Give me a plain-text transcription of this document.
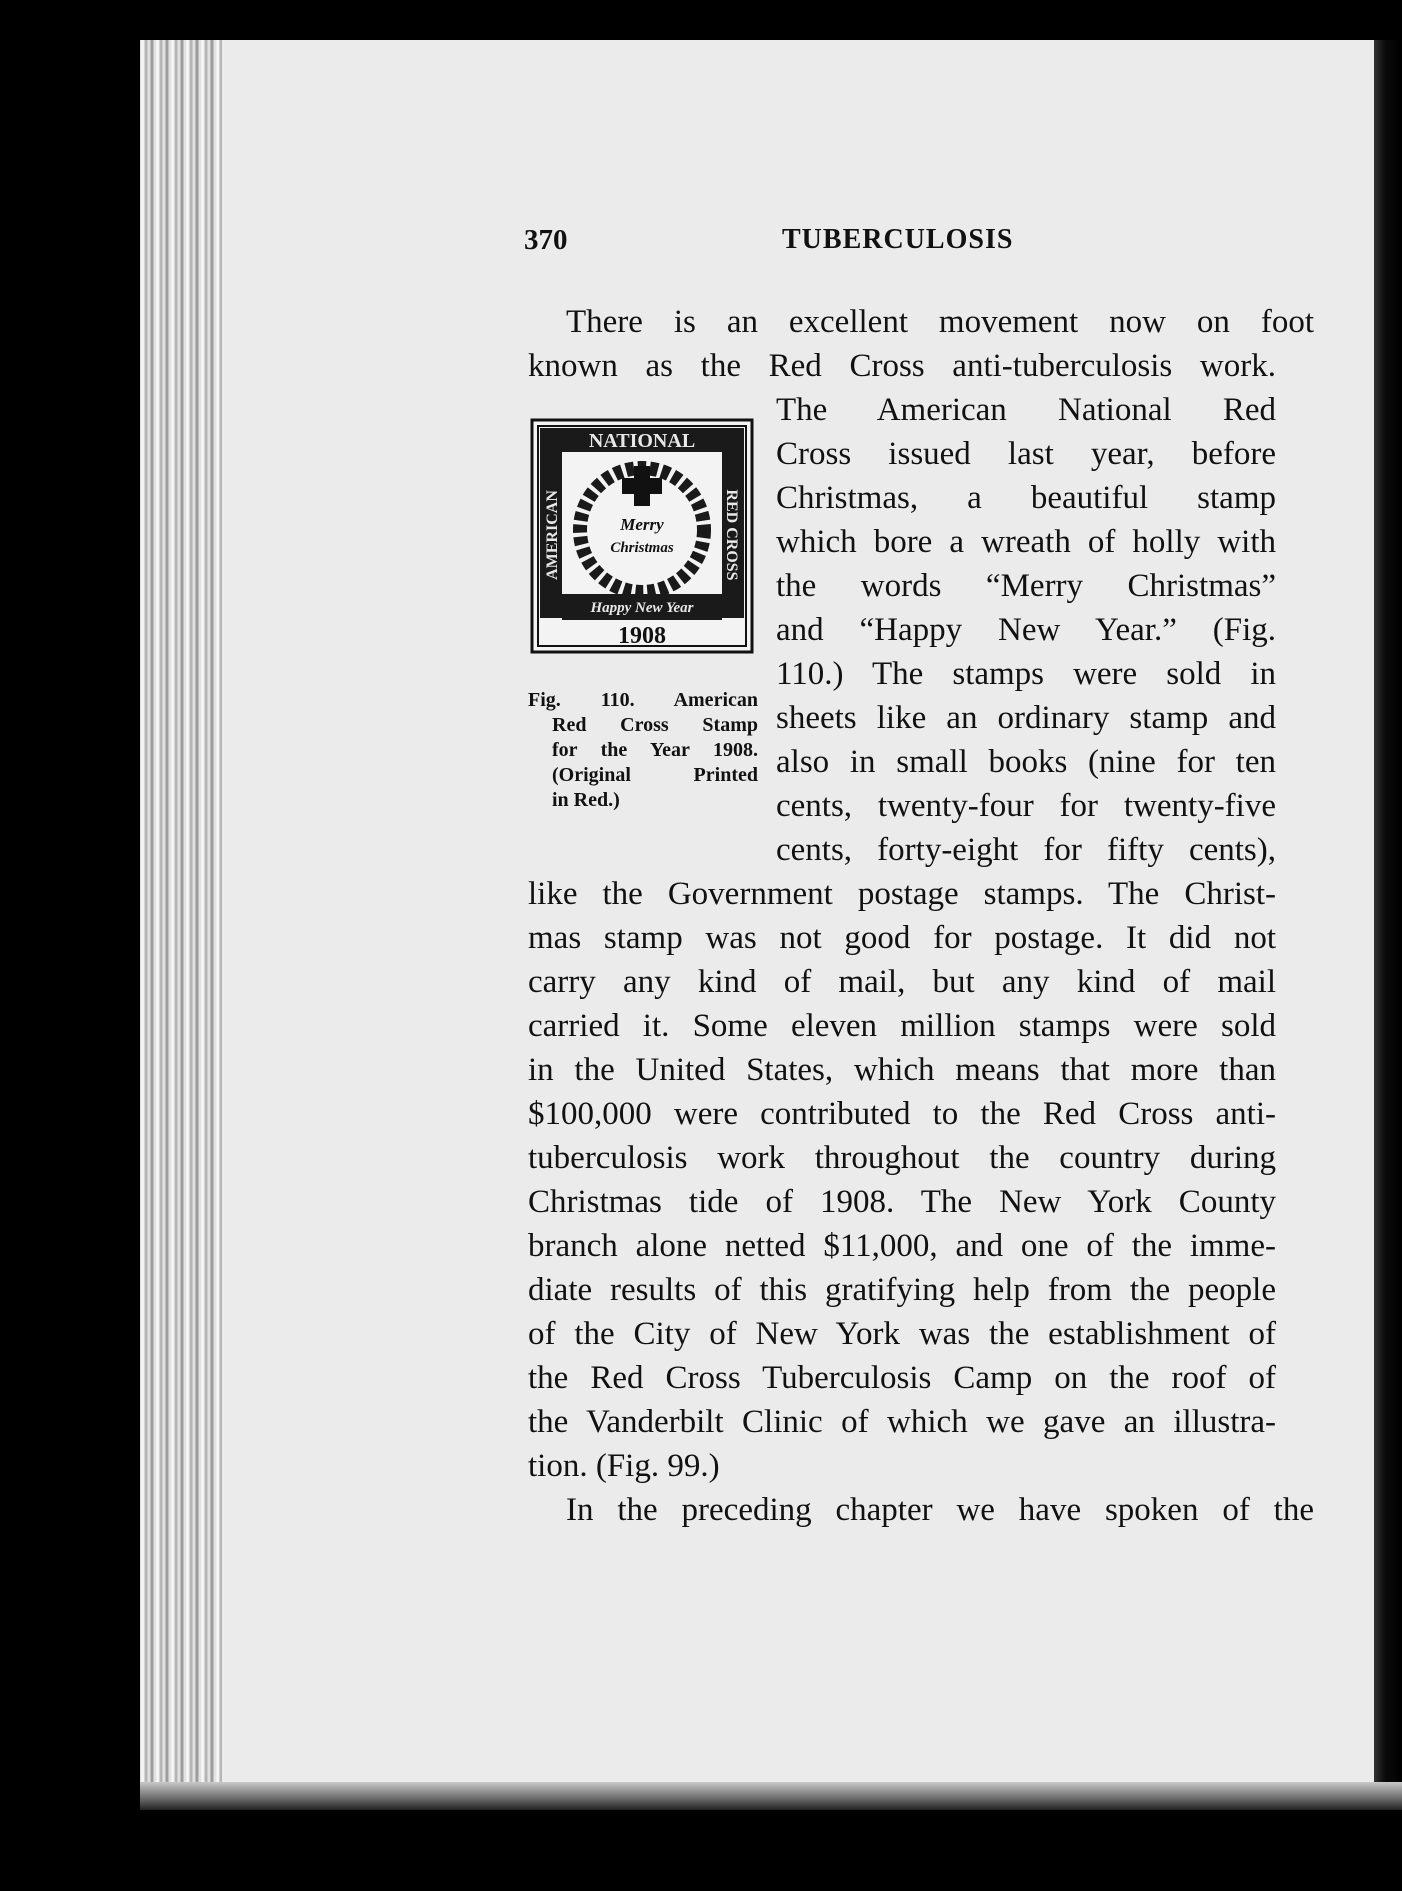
370	TUBERCULOSIS
There is an excellent movement now on foot
known as the Red Cross anti-tuberculosis work.
The American National Red
Cross issued last year, before
Christmas, a beautiful stamp
which bore a wreath of holly with
the words “Merry Christmas”
and “Happy New Year.” (Fig.
110.) The stamps were sold in
sheets like an ordinary stamp and
also in small books (nine for ten
cents, twenty-four for twenty-five
cents, forty-eight for fifty cents),
like the Government postage stamps. The Christ-
mas stamp was not good for postage. It did not
carry any kind of mail, but any kind of mail
carried it. Some eleven million stamps were sold
in the United States, which means that more than
$100,000 were contributed to the Red Cross anti-
tuberculosis work throughout the country during
Christmas tide of 1908. The New York County
branch alone netted $11,000, and one of the imme-
diate results of this gratifying help from the people
of the City of New York was the establishment of
the Red Cross Tuberculosis Camp on the roof of
the Vanderbilt Clinic of which we gave an illustra-
tion. (Fig. 99.)
In the preceding chapter we have spoken of the
NATIONAL
AMERICAN	RED CROSS
Merry
Christmas
Happy New Year
1908
Fig. 110. American
Red Cross Stamp
for the Year 1908.
(Original Printed
in Red.)
